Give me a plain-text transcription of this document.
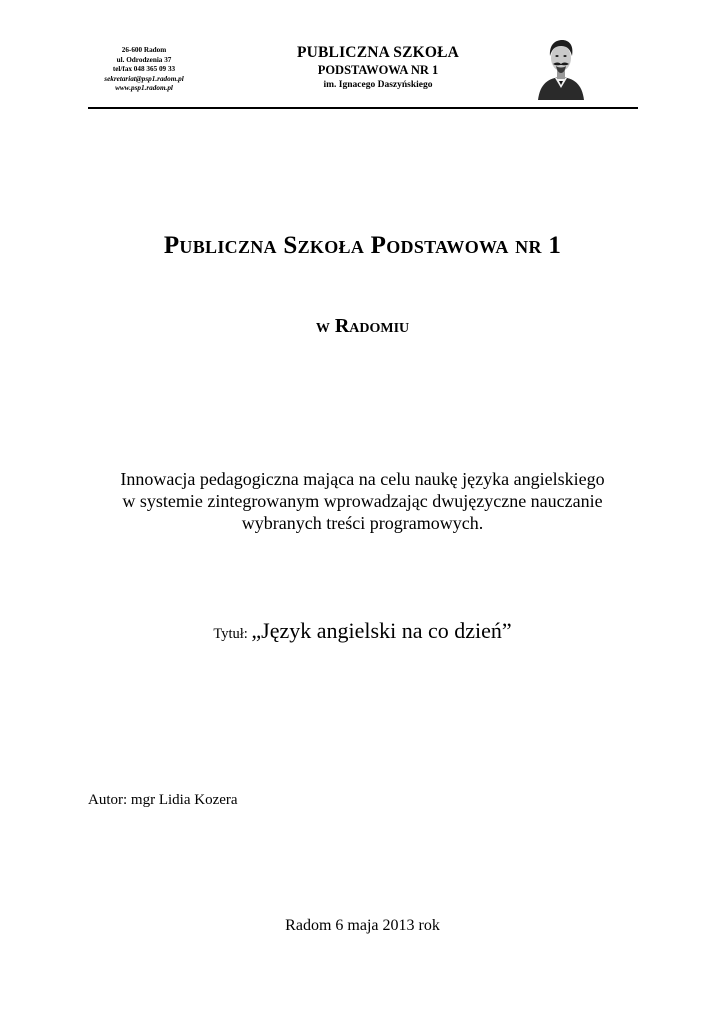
26-600 Radom
ul. Odrodzenia 37
tel/fax 048 365 09 33
sekretariat@psp1.radom.pl
www.psp1.radom.pl
PUBLICZNA SZKOŁA
PODSTAWOWA NR 1
im. Ignacego Daszyńskiego
Publiczna Szkoła Podstawowa nr 1
w Radomiu
Innowacja pedagogiczna mająca na celu naukę języka angielskiego
w systemie zintegrowanym wprowadzając dwujęzyczne nauczanie
wybranych treści programowych.
Tytuł: „Język angielski na co dzień”
Autor: mgr Lidia Kozera
Radom 6 maja 2013 rok
